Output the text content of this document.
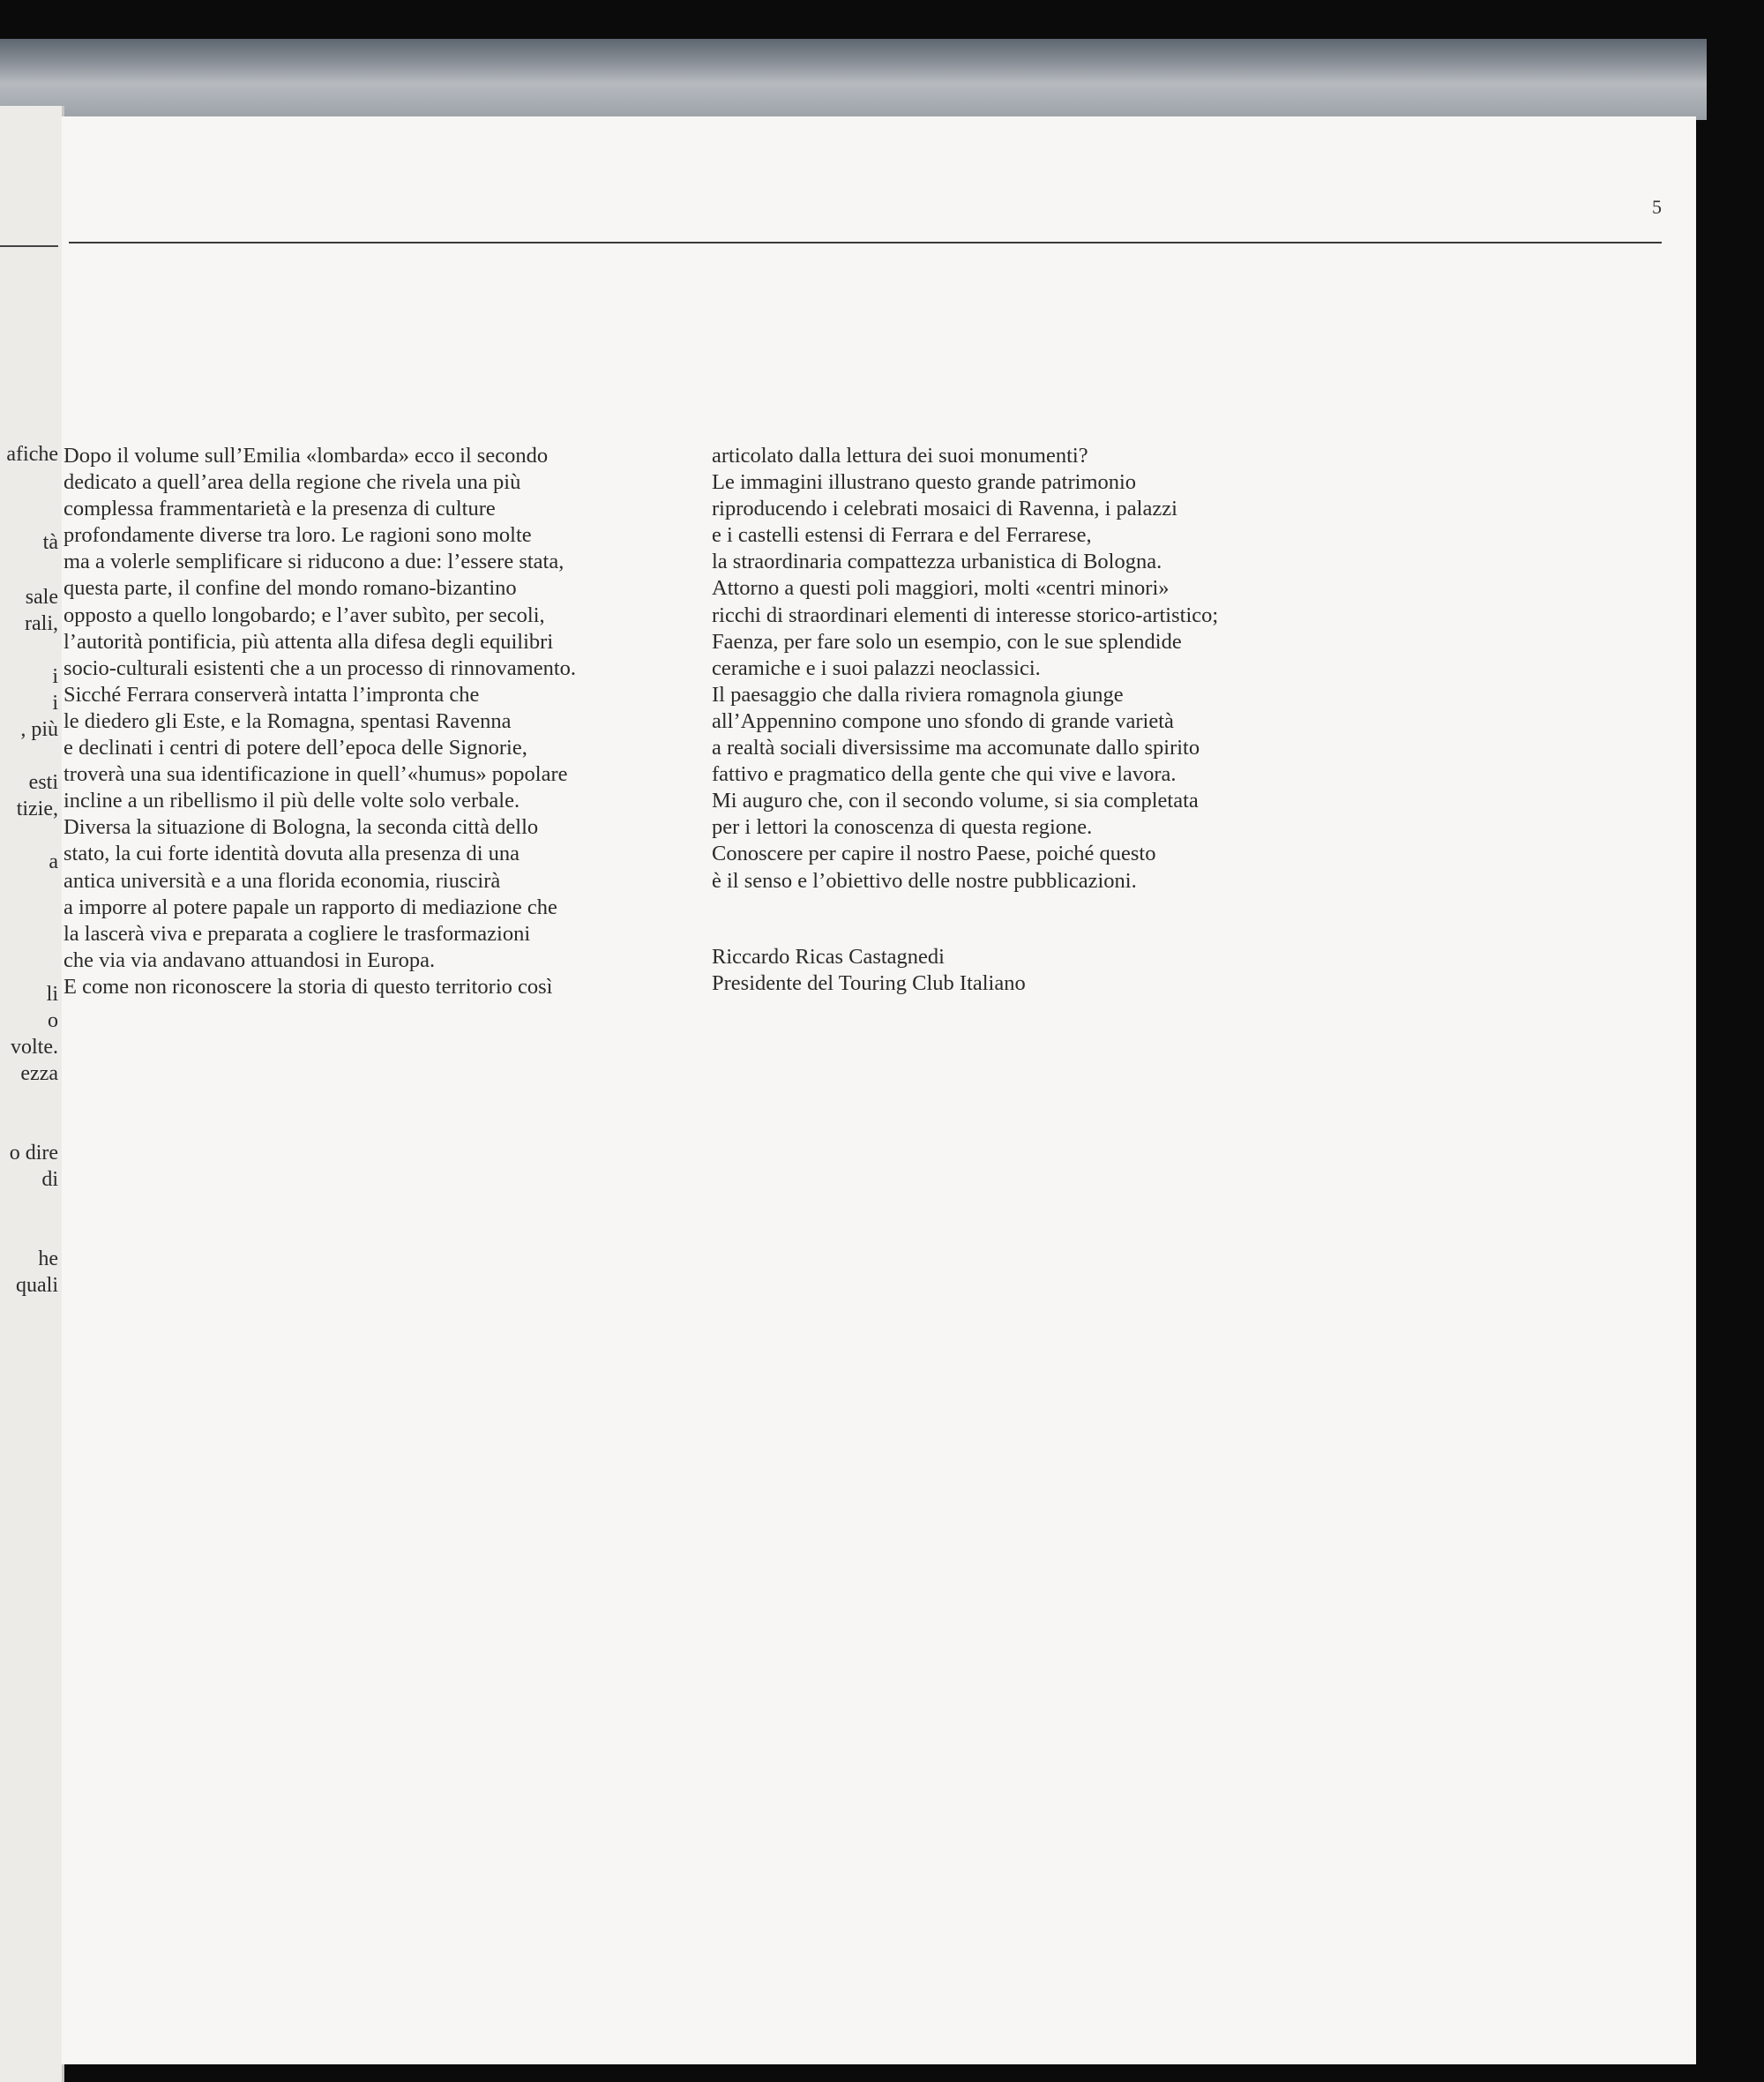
afiche
tà
sale
rali,
i
i
, più
esti
tizie,
a
li
o
volte.
ezza
o dire
di
he
quali
5
Dopo il volume sull’Emilia «lombarda» ecco il secondo
dedicato a quell’area della regione che rivela una più
complessa frammentarietà e la presenza di culture
profondamente diverse tra loro. Le ragioni sono molte
ma a volerle semplificare si riducono a due: l’essere stata,
questa parte, il confine del mondo romano-bizantino
opposto a quello longobardo; e l’aver subìto, per secoli,
l’autorità pontificia, più attenta alla difesa degli equilibri
socio-culturali esistenti che a un processo di rinnovamento.
Sicché Ferrara conserverà intatta l’impronta che
le diedero gli Este, e la Romagna, spentasi Ravenna
e declinati i centri di potere dell’epoca delle Signorie,
troverà una sua identificazione in quell’«humus» popolare
incline a un ribellismo il più delle volte solo verbale.
Diversa la situazione di Bologna, la seconda città dello
stato, la cui forte identità dovuta alla presenza di una
antica università e a una florida economia, riuscirà
a imporre al potere papale un rapporto di mediazione che
la lascerà viva e preparata a cogliere le trasformazioni
che via via andavano attuandosi in Europa.
E come non riconoscere la storia di questo territorio così
articolato dalla lettura dei suoi monumenti?
Le immagini illustrano questo grande patrimonio
riproducendo i celebrati mosaici di Ravenna, i palazzi
e i castelli estensi di Ferrara e del Ferrarese,
la straordinaria compattezza urbanistica di Bologna.
Attorno a questi poli maggiori, molti «centri minori»
ricchi di straordinari elementi di interesse storico-artistico;
Faenza, per fare solo un esempio, con le sue splendide
ceramiche e i suoi palazzi neoclassici.
Il paesaggio che dalla riviera romagnola giunge
all’Appennino compone uno sfondo di grande varietà
a realtà sociali diversissime ma accomunate dallo spirito
fattivo e pragmatico della gente che qui vive e lavora.
Mi auguro che, con il secondo volume, si sia completata
per i lettori la conoscenza di questa regione.
Conoscere per capire il nostro Paese, poiché questo
è il senso e l’obiettivo delle nostre pubblicazioni.
Riccardo Ricas Castagnedi
Presidente del Touring Club Italiano
